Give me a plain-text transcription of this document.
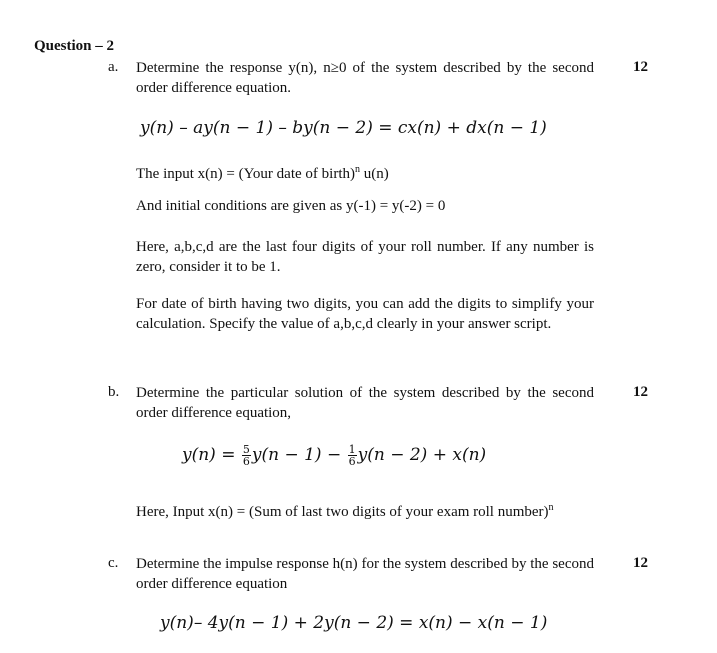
Question – 2
a.	12
Determine the response y(n), n≥0 of the system described by the second order difference equation.
y(n) – ay(n − 1) – by(n − 2) = cx(n) + dx(n − 1)
The input x(n) = (Your date of birth)$^n$ u(n)
And initial conditions are given as y(-1) = y(-2) = 0
Here, a,b,c,d are the last four digits of your roll number. If any number is zero, consider it to be 1.
For date of birth having two digits, you can add the digits to simplify your calculation. Specify the value of a,b,c,d clearly in your answer script.
b.	12
Determine the particular solution of the system described by the second order difference equation,
$y(n) = \frac{5}{6} y(n - 1) - \frac{1}{6} y(n - 2) + x(n)$
Here, Input x(n) = (Sum of last two digits of your exam roll number)$^n$
c.	12
Determine the impulse response h(n) for the system described by the second order difference equation
y(n)– 4y(n − 1) + 2y(n − 2) = x(n) − x(n − 1)
